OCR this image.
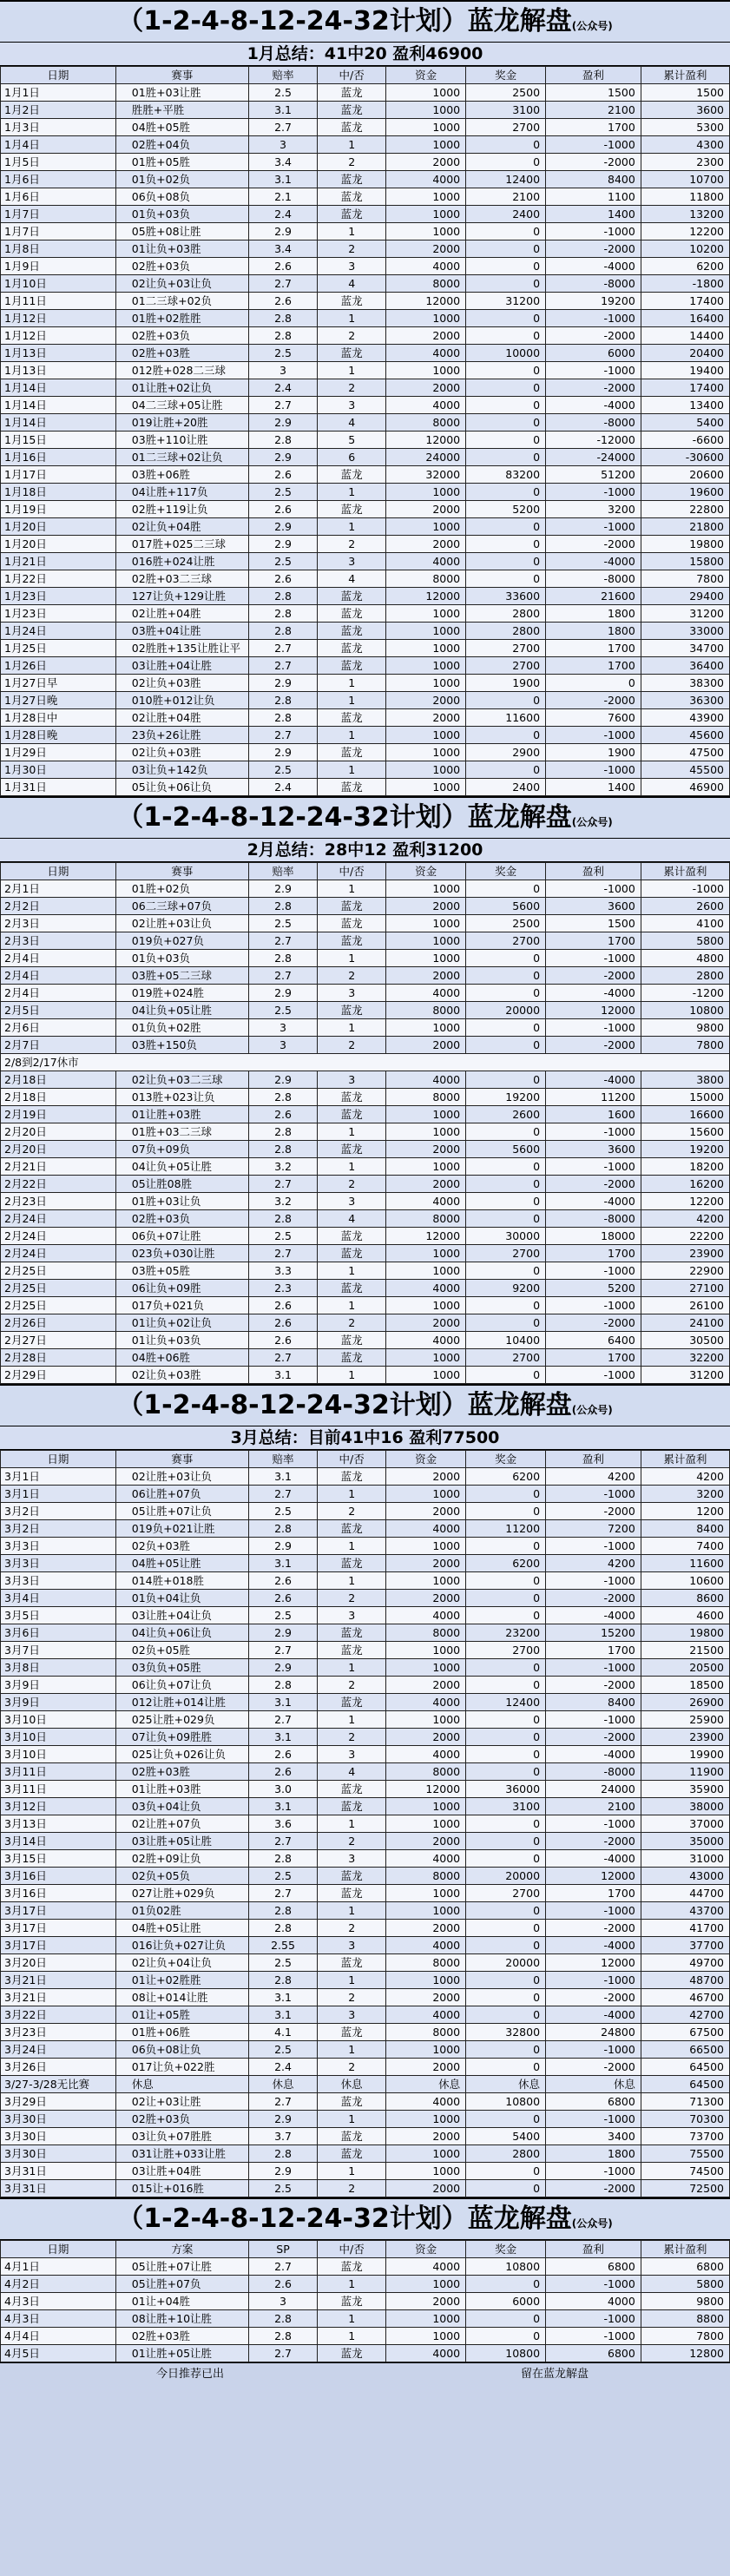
（1-2-4-8-12-24-32计划）蓝龙解盘(公众号)
1月总结：41中20 盈利46900
日期	赛事	赔率	中/否	资金	奖金	盈利	累计盈利
1月1日	01胜+03让胜	2.5	蓝龙	1000	2500	1500	1500
1月2日	胜胜+平胜	3.1	蓝龙	1000	3100	2100	3600
1月3日	04胜+05胜	2.7	蓝龙	1000	2700	1700	5300
1月4日	02胜+04负	3	1	1000	0	-1000	4300
1月5日	01胜+05胜	3.4	2	2000	0	-2000	2300
1月6日	01负+02负	3.1	蓝龙	4000	12400	8400	10700
1月6日	06负+08负	2.1	蓝龙	1000	2100	1100	11800
1月7日	01负+03负	2.4	蓝龙	1000	2400	1400	13200
1月7日	05胜+08让胜	2.9	1	1000	0	-1000	12200
1月8日	01让负+03胜	3.4	2	2000	0	-2000	10200
1月9日	02胜+03负	2.6	3	4000	0	-4000	6200
1月10日	02让负+03让负	2.7	4	8000	0	-8000	-1800
1月11日	01二三球+02负	2.6	蓝龙	12000	31200	19200	17400
1月12日	01胜+02胜胜	2.8	1	1000	0	-1000	16400
1月12日	02胜+03负	2.8	2	2000	0	-2000	14400
1月13日	02胜+03胜	2.5	蓝龙	4000	10000	6000	20400
1月13日	012胜+028二三球	3	1	1000	0	-1000	19400
1月14日	01让胜+02让负	2.4	2	2000	0	-2000	17400
1月14日	04二三球+05让胜	2.7	3	4000	0	-4000	13400
1月14日	019让胜+20胜	2.9	4	8000	0	-8000	5400
1月15日	03胜+110让胜	2.8	5	12000	0	-12000	-6600
1月16日	01二三球+02让负	2.9	6	24000	0	-24000	-30600
1月17日	03胜+06胜	2.6	蓝龙	32000	83200	51200	20600
1月18日	04让胜+117负	2.5	1	1000	0	-1000	19600
1月19日	02胜+119让负	2.6	蓝龙	2000	5200	3200	22800
1月20日	02让负+04胜	2.9	1	1000	0	-1000	21800
1月20日	017胜+025二三球	2.9	2	2000	0	-2000	19800
1月21日	016胜+024让胜	2.5	3	4000	0	-4000	15800
1月22日	02胜+03二三球	2.6	4	8000	0	-8000	7800
1月23日	127让负+129让胜	2.8	蓝龙	12000	33600	21600	29400
1月23日	02让胜+04胜	2.8	蓝龙	1000	2800	1800	31200
1月24日	03胜+04让胜	2.8	蓝龙	1000	2800	1800	33000
1月25日	02胜胜+135让胜让平	2.7	蓝龙	1000	2700	1700	34700
1月26日	03让胜+04让胜	2.7	蓝龙	1000	2700	1700	36400
1月27日早	02让负+03胜	2.9	1	1000	1900	0	38300
1月27日晚	010胜+012让负	2.8	1	2000	0	-2000	36300
1月28日中	02让胜+04胜	2.8	蓝龙	2000	11600	7600	43900
1月28日晚	23负+26让胜	2.7	1	1000	0	-1000	45600
1月29日	02让负+03胜	2.9	蓝龙	1000	2900	1900	47500
1月30日	03让负+142负	2.5	1	1000	0	-1000	45500
1月31日	05让负+06让负	2.4	蓝龙	1000	2400	1400	46900
（1-2-4-8-12-24-32计划）蓝龙解盘(公众号)
2月总结：28中12 盈利31200
日期	赛事	赔率	中/否	资金	奖金	盈利	累计盈利
2月1日	01胜+02负	2.9	1	1000	0	-1000	-1000
2月2日	06二三球+07负	2.8	蓝龙	2000	5600	3600	2600
2月3日	02让胜+03让负	2.5	蓝龙	1000	2500	1500	4100
2月3日	019负+027负	2.7	蓝龙	1000	2700	1700	5800
2月4日	01负+03负	2.8	1	1000	0	-1000	4800
2月4日	03胜+05二三球	2.7	2	2000	0	-2000	2800
2月4日	019胜+024胜	2.9	3	4000	0	-4000	-1200
2月5日	04让负+05让胜	2.5	蓝龙	8000	20000	12000	10800
2月6日	01负负+02胜	3	1	1000	0	-1000	9800
2月7日	03胜+150负	3	2	2000	0	-2000	7800
2/8到2/17休市							
2月18日	02让负+03二三球	2.9	3	4000	0	-4000	3800
2月18日	013胜+023让负	2.8	蓝龙	8000	19200	11200	15000
2月19日	01让胜+03胜	2.6	蓝龙	1000	2600	1600	16600
2月20日	01胜+03二三球	2.8	1	1000	0	-1000	15600
2月20日	07负+09负	2.8	蓝龙	2000	5600	3600	19200
2月21日	04让负+05让胜	3.2	1	1000	0	-1000	18200
2月22日	05让胜08胜	2.7	2	2000	0	-2000	16200
2月23日	01胜+03让负	3.2	3	4000	0	-4000	12200
2月24日	02胜+03负	2.8	4	8000	0	-8000	4200
2月24日	06负+07让胜	2.5	蓝龙	12000	30000	18000	22200
2月24日	023负+030让胜	2.7	蓝龙	1000	2700	1700	23900
2月25日	03胜+05胜	3.3	1	1000	0	-1000	22900
2月25日	06让负+09胜	2.3	蓝龙	4000	9200	5200	27100
2月25日	017负+021负	2.6	1	1000	0	-1000	26100
2月26日	01让负+02让负	2.6	2	2000	0	-2000	24100
2月27日	01让负+03负	2.6	蓝龙	4000	10400	6400	30500
2月28日	04胜+06胜	2.7	蓝龙	1000	2700	1700	32200
2月29日	02让负+03胜	3.1	1	1000	0	-1000	31200
（1-2-4-8-12-24-32计划）蓝龙解盘(公众号)
3月总结：目前41中16 盈利77500
日期	赛事	赔率	中/否	资金	奖金	盈利	累计盈利
3月1日	02让胜+03让负	3.1	蓝龙	2000	6200	4200	4200
3月1日	06让胜+07负	2.7	1	1000	0	-1000	3200
3月2日	05让胜+07让负	2.5	2	2000	0	-2000	1200
3月2日	019负+021让胜	2.8	蓝龙	4000	11200	7200	8400
3月3日	02负+03胜	2.9	1	1000	0	-1000	7400
3月3日	04胜+05让胜	3.1	蓝龙	2000	6200	4200	11600
3月3日	014胜+018胜	2.6	1	1000	0	-1000	10600
3月4日	01负+04让负	2.6	2	2000	0	-2000	8600
3月5日	03让胜+04让负	2.5	3	4000	0	-4000	4600
3月6日	04让负+06让负	2.9	蓝龙	8000	23200	15200	19800
3月7日	02负+05胜	2.7	蓝龙	1000	2700	1700	21500
3月8日	03负负+05胜	2.9	1	1000	0	-1000	20500
3月9日	06让负+07让负	2.8	2	2000	0	-2000	18500
3月9日	012让胜+014让胜	3.1	蓝龙	4000	12400	8400	26900
3月10日	025让胜+029负	2.7	1	1000	0	-1000	25900
3月10日	07让负+09胜胜	3.1	2	2000	0	-2000	23900
3月10日	025让负+026让负	2.6	3	4000	0	-4000	19900
3月11日	02胜+03胜	2.6	4	8000	0	-8000	11900
3月11日	01让胜+03胜	3.0	蓝龙	12000	36000	24000	35900
3月12日	03负+04让负	3.1	蓝龙	1000	3100	2100	38000
3月13日	02让胜+07负	3.6	1	1000	0	-1000	37000
3月14日	03让胜+05让胜	2.7	2	2000	0	-2000	35000
3月15日	02胜+09让负	2.8	3	4000	0	-4000	31000
3月16日	02负+05负	2.5	蓝龙	8000	20000	12000	43000
3月16日	027让胜+029负	2.7	蓝龙	1000	2700	1700	44700
3月17日	01负02胜	2.8	1	1000	0	-1000	43700
3月17日	04胜+05让胜	2.8	2	2000	0	-2000	41700
3月17日	016让负+027让负	2.55	3	4000	0	-4000	37700
3月20日	02让负+04让负	2.5	蓝龙	8000	20000	12000	49700
3月21日	01让+02胜胜	2.8	1	1000	0	-1000	48700
3月21日	08让+014让胜	3.1	2	2000	0	-2000	46700
3月22日	01让+05胜	3.1	3	4000	0	-4000	42700
3月23日	01胜+06胜	4.1	蓝龙	8000	32800	24800	67500
3月24日	06负+08让负	2.5	1	1000	0	-1000	66500
3月26日	017让负+022胜	2.4	2	2000	0	-2000	64500
3/27-3/28无比赛	休息	休息	休息	休息	休息	休息	64500
3月29日	02让+03让胜	2.7	蓝龙	4000	10800	6800	71300
3月30日	02胜+03负	2.9	1	1000	0	-1000	70300
3月30日	03让负+07胜胜	3.7	蓝龙	2000	5400	3400	73700
3月30日	031让胜+033让胜	2.8	蓝龙	1000	2800	1800	75500
3月31日	03让胜+04胜	2.9	1	1000	0	-1000	74500
3月31日	015让+016胜	2.5	2	2000	0	-2000	72500
（1-2-4-8-12-24-32计划）蓝龙解盘(公众号)
日期	方案	SP	中/否	资金	奖金	盈利	累计盈利
4月1日	05让胜+07让胜	2.7	蓝龙	4000	10800	6800	6800
4月2日	05让胜+07负	2.6	1	1000	0	-1000	5800
4月3日	01让+04胜	3	蓝龙	2000	6000	4000	9800
4月3日	08让胜+10让胜	2.8	1	1000	0	-1000	8800
4月4日	02胜+03胜	2.8	1	1000	0	-1000	7800
4月5日	01让胜+05让胜	2.7	蓝龙	4000	10800	6800	12800
今日推荐已出	留在蓝龙解盘
